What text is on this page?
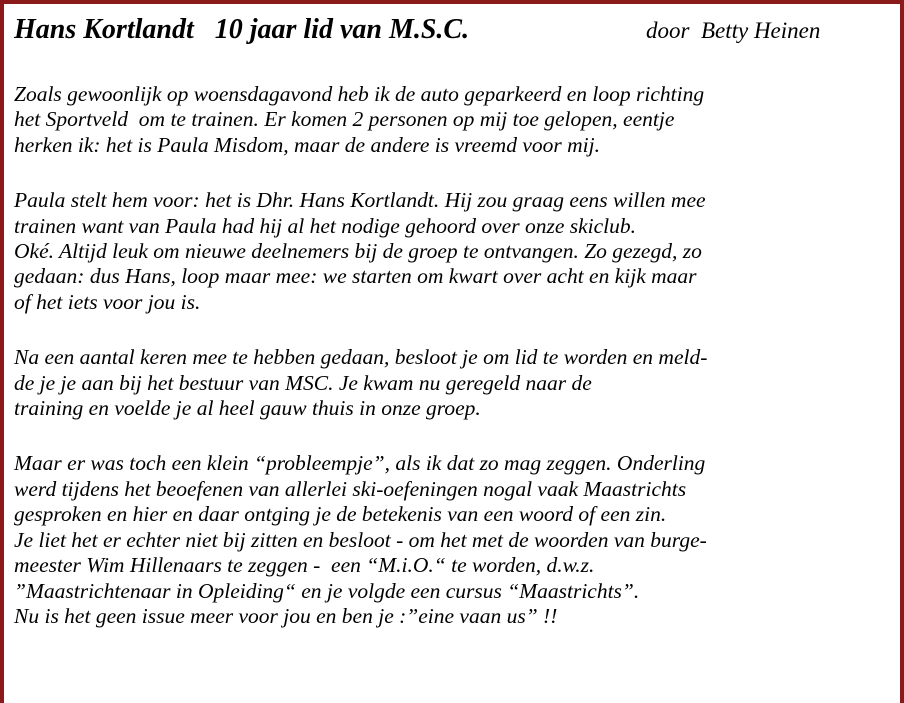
Hans Kortlandt   10 jaar lid van M.S.C.	door  Betty Heinen

Zoals gewoonlijk op woensdagavond heb ik de auto geparkeerd en loop richting
het Sportveld  om te trainen. Er komen 2 personen op mij toe gelopen, eentje
herken ik: het is Paula Misdom, maar de andere is vreemd voor mij.

Paula stelt hem voor: het is Dhr. Hans Kortlandt. Hij zou graag eens willen mee
trainen want van Paula had hij al het nodige gehoord over onze skiclub.
Oké. Altijd leuk om nieuwe deelnemers bij de groep te ontvangen. Zo gezegd, zo
gedaan: dus Hans, loop maar mee: we starten om kwart over acht en kijk maar
of het iets voor jou is.

Na een aantal keren mee te hebben gedaan, besloot je om lid te worden en meld-
de je je aan bij het bestuur van MSC. Je kwam nu geregeld naar de
training en voelde je al heel gauw thuis in onze groep.

Maar er was toch een klein “probleempje”, als ik dat zo mag zeggen. Onderling
werd tijdens het beoefenen van allerlei ski-oefeningen nogal vaak Maastrichts
gesproken en hier en daar ontging je de betekenis van een woord of een zin.
Je liet het er echter niet bij zitten en besloot - om het met de woorden van burge-
meester Wim Hillenaars te zeggen -  een “M.i.O.“ te worden, d.w.z.
”Maastrichtenaar in Opleiding“ en je volgde een cursus “Maastrichts”.
Nu is het geen issue meer voor jou en ben je :”eine vaan us” !!
